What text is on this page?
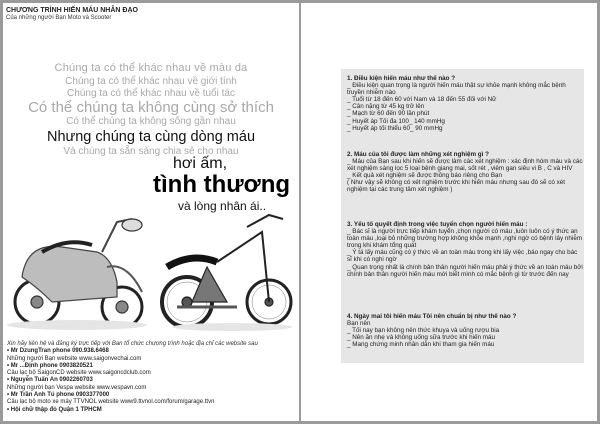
CHƯƠNG TRÌNH HIẾN MÁU NHÂN ĐẠO
Của những người Bạn Moto và Scooter
Chúng ta có thể khác nhau về màu da
Chúng ta có thể khác nhau về giới tính
Chúng ta có thể khác nhau về tuổi tác
Có thể chúng ta không cùng sở thích
Có thể chúng ta không sống gần nhau
Nhưng chúng ta cùng dòng máu
Và chúng ta sẵn sàng chia sẻ cho nhau
hơi ấm,
tình thương
và lòng nhân ái..
Xin hãy liên hệ và đăng ký trực tiếp với Ban tổ chức chương trình hoặc địa chỉ các website sau
• Mr DzungTran phone 090.938.6468
Những người Bạn website www.saigonvechai.com
• Mr ...Định phone 0903820521
Câu lạc bộ SaigonCD website www.saigoncdclub.com
• Nguyễn Tuấn An 0902260703
Những người bạn Vespa website www.vespavn.com
• Mr Trần Anh Tú phone 0903377000
Câu lạc bộ moto xe máy TTVNOL website www9.ttvnol.com/forum/garage.ttvn
• Hội chữ thập đỏ Quận 1 TPHCM
1. Điều kiện hiến máu như thế nào ?
_ Điều kiện quan trọng là người hiến máu thật sự khỏe mạnh không mắc bệnh truyền nhiễm nào
_ Tuổi từ 18 đến 60 với Nam và 18 đến 55 đối với Nữ
_ Cân nặng từ 45 kg trở lên
_ Mạch từ 60 đến 90 lần phút
_ Huyết áp Tối đa 100_ 140 mmHg
_ Huyết áp tối thiểu 60_ 90 mmHg
2. Máu của tôi được làm những xét nghiệm gì ?
_ Máu của Bạn sau khi hiến sẽ được làm các xét nghiệm : xác định hóm máu và các xét nghiệm sàng lọc 5 loại bệnh giang mai, sốt rét , viêm gan siêu vi B , C và HIV
_ Kết quả xét nghiệm sẽ được thông báo riêng cho Bạn
( Như vậy sẽ không có xét nghiệm trước khi hiến máu nhưng sau đó sẽ có xét nghiệm tại các trung tâm xét nghiệm )
3. Yếu tố quyết định trong việc tuyển chọn người hiến máu :
_ Bác sĩ là người trực tiếp khám tuyển ,chọn người có máu ,luôn luôn có ý thức an toàn máu ,loại bỏ những trường hợp không khỏe mạnh ,nghi ngờ có bệnh lây nhiễm trong khi khám tổng quát
_ Ý tá lấy máu cũng có ý thức về an toàn máu trong khi lấy việc ,báo ngay cho bác sĩ khi có nghi ngờ
_ Quan trọng nhất là chính bản thân người hiến máu phải ý thức về an toàn máu bởi chính bản thân người hiến máu mới biết mình có mắc bệnh gì từ trước đến nay
4. Ngày mai tôi hiến máu Tôi nên chuẩn bị như thế nào ?
Bạn nên
_ Tối nay bạn không nên thức khuya và uống rượu bia
_ Nên ăn nhẹ và không uống sữa trước khi hiến máu
_ Mang chứng minh nhân dân khi tham gia hiến máu
